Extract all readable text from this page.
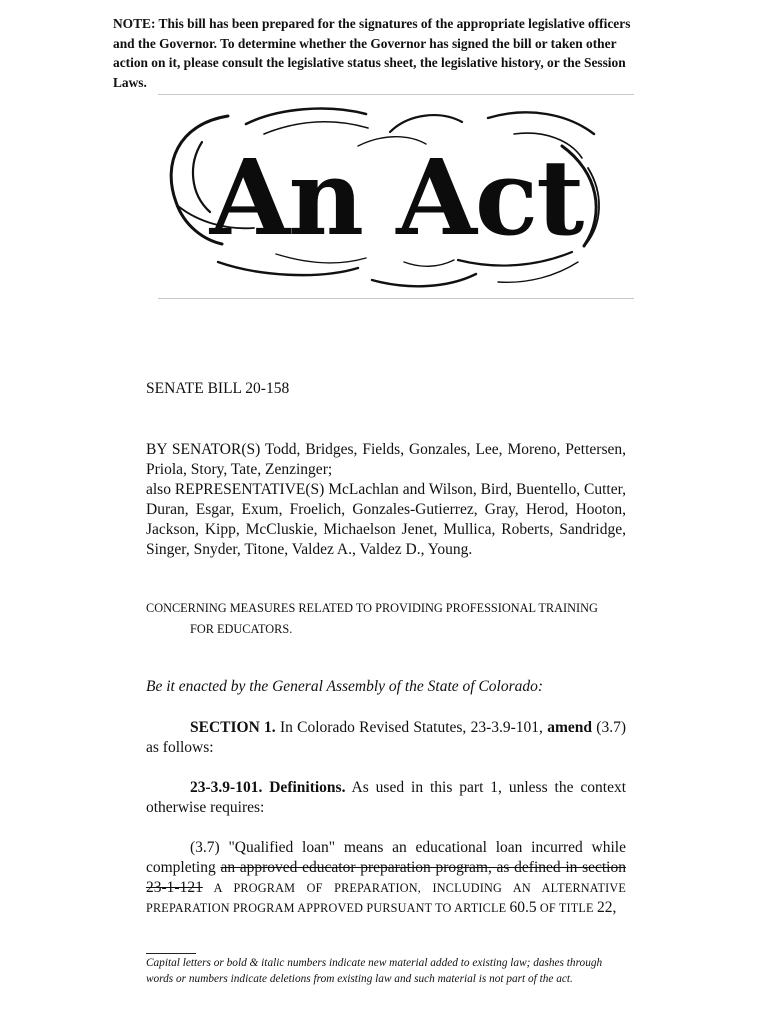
NOTE: This bill has been prepared for the signatures of the appropriate legislative officers and the Governor. To determine whether the Governor has signed the bill or taken other action on it, please consult the legislative status sheet, the legislative history, or the Session Laws.

An Act

SENATE BILL 20-158

BY SENATOR(S) Todd, Bridges, Fields, Gonzales, Lee, Moreno, Pettersen, Priola, Story, Tate, Zenzinger;
also REPRESENTATIVE(S) McLachlan and Wilson, Bird, Buentello, Cutter, Duran, Esgar, Exum, Froelich, Gonzales-Gutierrez, Gray, Herod, Hooton, Jackson, Kipp, McCluskie, Michaelson Jenet, Mullica, Roberts, Sandridge, Singer, Snyder, Titone, Valdez A., Valdez D., Young.

CONCERNING MEASURES RELATED TO PROVIDING PROFESSIONAL TRAINING
FOR EDUCATORS.

Be it enacted by the General Assembly of the State of Colorado:

SECTION 1. In Colorado Revised Statutes, 23-3.9-101, amend (3.7) as follows:

23-3.9-101. Definitions. As used in this part 1, unless the context otherwise requires:

(3.7) "Qualified loan" means an educational loan incurred while completing an approved educator preparation program, as defined in section 23-1-121 A PROGRAM OF PREPARATION, INCLUDING AN ALTERNATIVE PREPARATION PROGRAM APPROVED PURSUANT TO ARTICLE 60.5 OF TITLE 22,

Capital letters or bold & italic numbers indicate new material added to existing law; dashes through words or numbers indicate deletions from existing law and such material is not part of the act.
